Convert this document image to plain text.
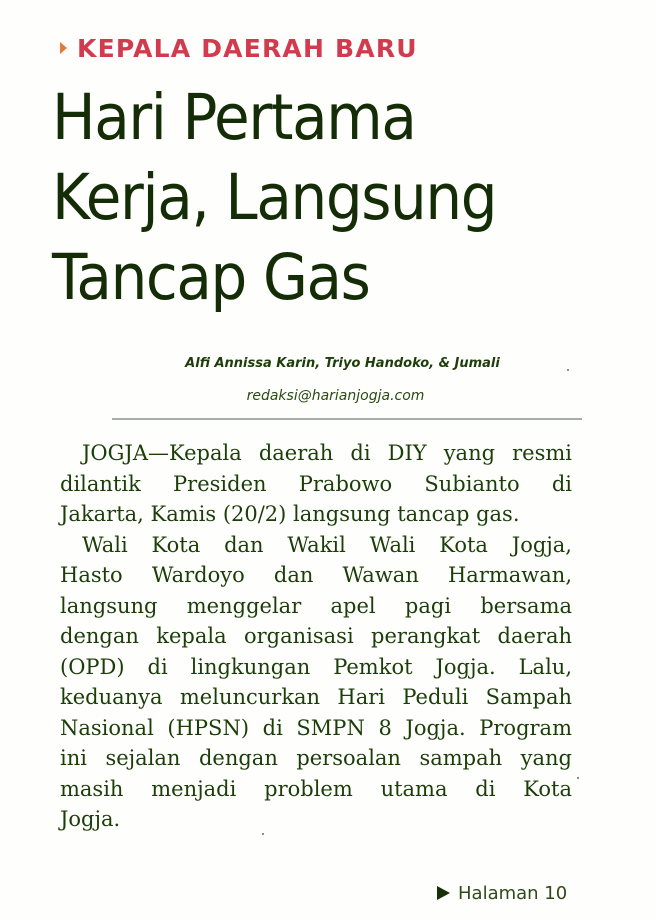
KEPALA DAERAH BARU
Hari Pertama
Kerja, Langsung
Tancap Gas
Alfi Annissa Karin, Triyo Handoko, & Jumali
redaksi@harianjogja.com
JOGJA—Kepala daerah di DIY yang resmi
dilantik Presiden Prabowo Subianto di
Jakarta, Kamis (20/2) langsung tancap gas.
Wali Kota dan Wakil Wali Kota Jogja,
Hasto Wardoyo dan Wawan Harmawan,
langsung menggelar apel pagi bersama
dengan kepala organisasi perangkat daerah
(OPD) di lingkungan Pemkot Jogja. Lalu,
keduanya meluncurkan Hari Peduli Sampah
Nasional (HPSN) di SMPN 8 Jogja. Program
ini sejalan dengan persoalan sampah yang
masih menjadi problem utama di Kota
Jogja.
Halaman 10
